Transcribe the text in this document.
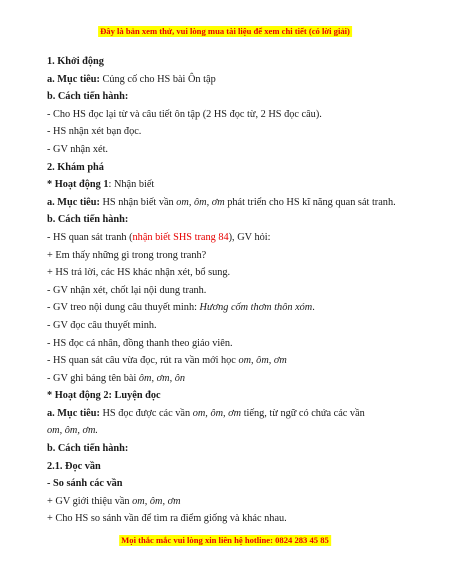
Đây là bản xem thử, vui lòng mua tài liệu để xem chi tiết (có lời giải)
1. Khởi động
a. Mục tiêu: Củng cố cho HS bài Ôn tập
b. Cách tiến hành:
- Cho HS đọc lại từ và câu tiết ôn tập (2 HS đọc từ, 2 HS đọc câu).
- HS nhận xét bạn đọc.
- GV nhận xét.
2. Khám phá
* Hoạt động 1: Nhận biết
a. Mục tiêu: HS nhận biết vần om, ôm, ơm phát triển cho HS kĩ năng quan sát tranh.
b. Cách tiến hành:
- HS quan sát tranh (nhận biết SHS trang 84), GV hỏi:
+ Em thấy những gì trong trong tranh?
+ HS trả lời, các HS khác nhận xét, bổ sung.
- GV nhận xét, chốt lại nội dung tranh.
- GV treo nội dung câu thuyết minh: Hương cốm thơm thôn xóm.
- GV đọc câu thuyết minh.
- HS đọc cá nhân, đồng thanh theo giáo viên.
- HS quan sát câu vừa đọc, rút ra vần mới học om, ôm, ơm
- GV ghi bảng tên bài ôm, ơm, ôn
* Hoạt động 2: Luyện đọc
a. Mục tiêu: HS đọc được các vần om, ôm, ơm tiếng, từ ngữ có chứa các vần
om, ôm, ơm.
b. Cách tiến hành:
2.1. Đọc vần
- So sánh các vần
+ GV giới thiệu vần om, ôm, ơm
+ Cho HS so sánh vần để tìm ra điểm giống và khác nhau.
Mọi thắc mắc vui lòng xin liên hệ hotline: 0824 283 45 85
